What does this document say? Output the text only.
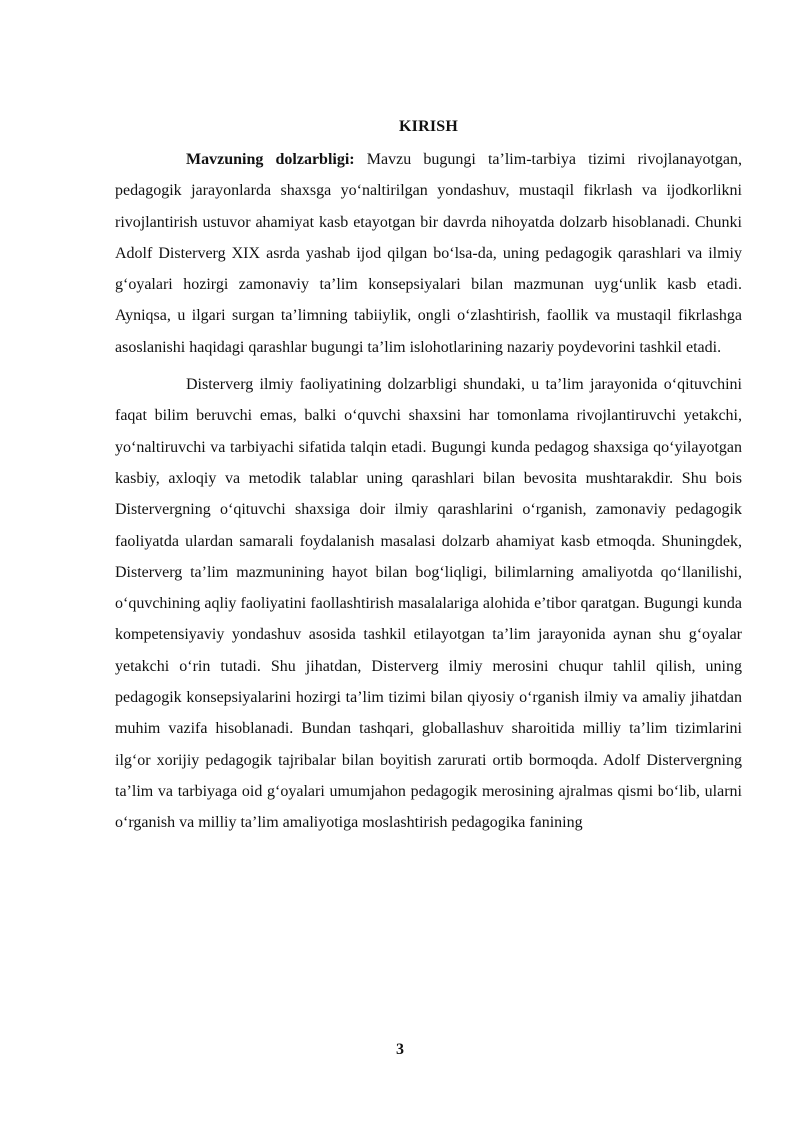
KIRISH

Mavzuning dolzarbligi: Mavzu bugungi ta’lim-tarbiya tizimi rivojlanayotgan, pedagogik jarayonlarda shaxsga yo‘naltirilgan yondashuv, mustaqil fikrlash va ijodkorlikni rivojlantirish ustuvor ahamiyat kasb etayotgan bir davrda nihoyatda dolzarb hisoblanadi. Chunki Adolf Disterverg XIX asrda yashab ijod qilgan bo‘lsa-da, uning pedagogik qarashlari va ilmiy g‘oyalari hozirgi zamonaviy ta’lim konsepsiyalari bilan mazmunan uyg‘unlik kasb etadi. Ayniqsa, u ilgari surgan ta’limning tabiiylik, ongli o‘zlashtirish, faollik va mustaqil fikrlashga asoslanishi haqidagi qarashlar bugungi ta’lim islohotlarining nazariy poydevorini tashkil etadi.

Disterverg ilmiy faoliyatining dolzarbligi shundaki, u ta’lim jarayonida o‘qituvchini faqat bilim beruvchi emas, balki o‘quvchi shaxsini har tomonlama rivojlantiruvchi yetakchi, yo‘naltiruvchi va tarbiyachi sifatida talqin etadi. Bugungi kunda pedagog shaxsiga qo‘yilayotgan kasbiy, axloqiy va metodik talablar uning qarashlari bilan bevosita mushtarakdir. Shu bois Distervergning o‘qituvchi shaxsiga doir ilmiy qarashlarini o‘rganish, zamonaviy pedagogik faoliyatda ulardan samarali foydalanish masalasi dolzarb ahamiyat kasb etmoqda. Shuningdek, Disterverg ta’lim mazmunining hayot bilan bog‘liqligi, bilimlarning amaliyotda qo‘llanilishi, o‘quvchining aqliy faoliyatini faollashtirish masalalariga alohida e’tibor qaratgan. Bugungi kunda kompetensiyaviy yondashuv asosida tashkil etilayotgan ta’lim jarayonida aynan shu g‘oyalar yetakchi o‘rin tutadi. Shu jihatdan, Disterverg ilmiy merosini chuqur tahlil qilish, uning pedagogik konsepsiyalarini hozirgi ta’lim tizimi bilan qiyosiy o‘rganish ilmiy va amaliy jihatdan muhim vazifa hisoblanadi. Bundan tashqari, globallashuv sharoitida milliy ta’lim tizimlarini ilg‘or xorijiy pedagogik tajribalar bilan boyitish zarurati ortib bormoqda. Adolf Distervergning ta’lim va tarbiyaga oid g‘oyalari umumjahon pedagogik merosining ajralmas qismi bo‘lib, ularni o‘rganish va milliy ta’lim amaliyotiga moslashtirish pedagogika fanining

3
